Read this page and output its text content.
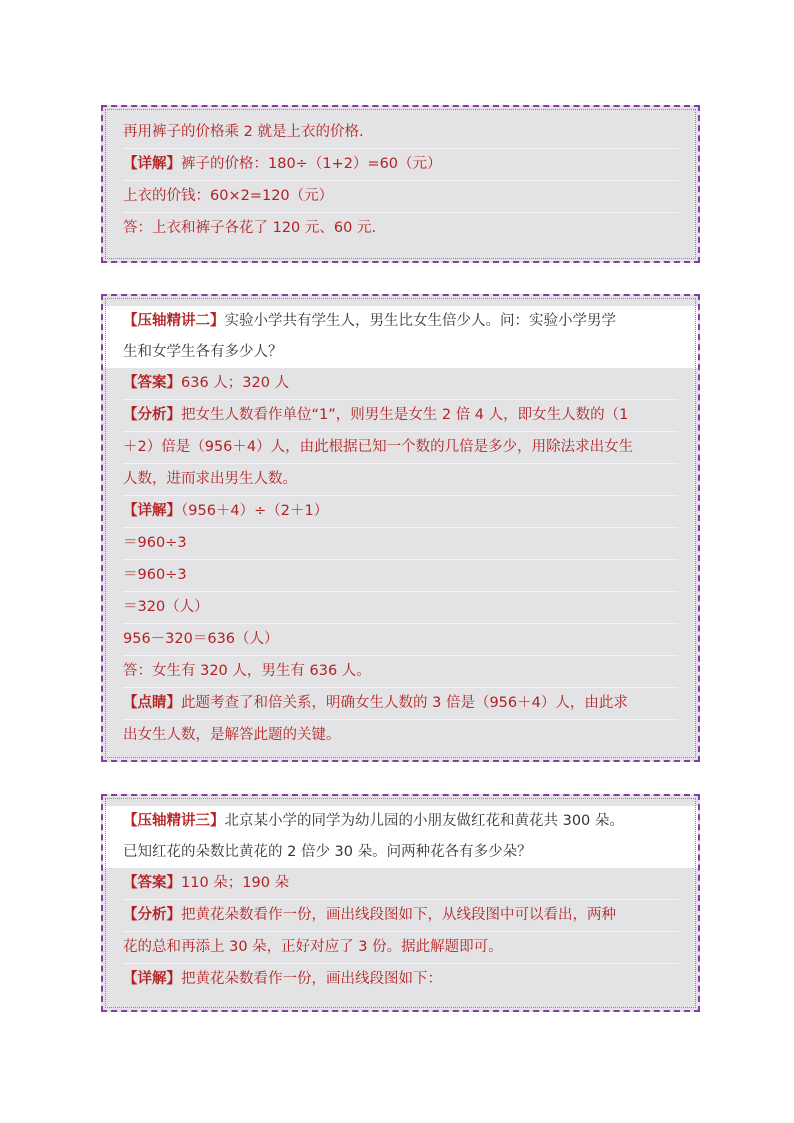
再用裤子的价格乘 2 就是上衣的价格.
【详解】裤子的价格：180÷（1+2）=60（元）
上衣的价钱：60×2=120（元）
答：上衣和裤子各花了 120 元、60 元.
【压轴精讲二】实验小学共有学生人，男生比女生倍少人。问：实验小学男学
生和女学生各有多少人？
【答案】636 人；320 人
【分析】把女生人数看作单位“1”，则男生是女生 2 倍 4 人，即女生人数的（1
＋2）倍是（956＋4）人，由此根据已知一个数的几倍是多少，用除法求出女生
人数，进而求出男生人数。
【详解】（956＋4）÷（2＋1）
＝960÷3
＝960÷3
＝320（人）
956－320＝636（人）
答：女生有 320 人，男生有 636 人。
【点睛】此题考查了和倍关系，明确女生人数的 3 倍是（956＋4）人，由此求
出女生人数，是解答此题的关键。
【压轴精讲三】北京某小学的同学为幼儿园的小朋友做红花和黄花共 300 朵。
已知红花的朵数比黄花的 2 倍少 30 朵。问两种花各有多少朵？
【答案】110 朵；190 朵
【分析】把黄花朵数看作一份，画出线段图如下，从线段图中可以看出，两种
花的总和再添上 30 朵，正好对应了 3 份。据此解题即可。
【详解】把黄花朵数看作一份，画出线段图如下：
